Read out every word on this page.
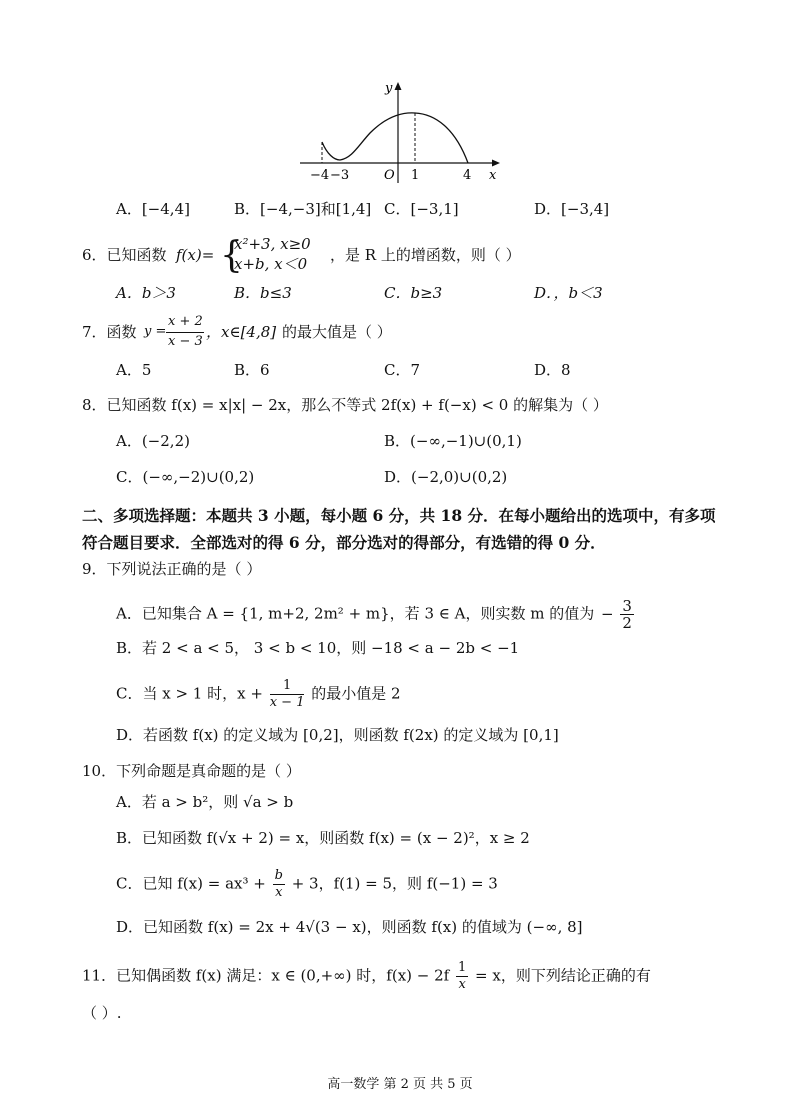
y
x
O
−4 −3	1	4
A．[−4,4]	B．[−4,−3]和[1,4] C．[−3,1]	D．[−3,4]
6．已知函数 f(x)= {
x²+3, x≥0
x+b, x＜0 ，是 R 上的增函数，则（ ）
A．b＞3	B．b≤3	C．b≥3	D．，b＜3
7．函数 y =
x + 2
x − 3
，x∈[4,8] 的最大值是（ ）
A．5	B．6	C．7	D．8
8．已知函数 f(x) = x|x| − 2x，那么不等式 2f(x) + f(−x) < 0 的解集为（ ）
A．(−2,2)	B．(−∞,−1)∪(0,1)
C．(−∞,−2)∪(0,2)	D．(−2,0)∪(0,2)
二、多项选择题：本题共 3 小题，每小题 6 分，共 18 分．在每小题给出的选项中，有多项
符合题目要求．全部选对的得 6 分，部分选对的得部分，有选错的得 0 分．
9．下列说法正确的是（ ）
A．已知集合 A = {1, m+2, 2m² + m}，若 3 ∈ A，则实数 m 的值为 − $\frac{3}{2}$
B．若 2 < a < 5， 3 < b < 10，则 −18 < a − 2b < −1
C．当 x > 1 时，$x + \frac{1}{x - 1}$ 的最小值是 2
D．若函数 f(x) 的定义域为 [0,2]，则函数 f(2x) 的定义域为 [0,1]
10．下列命题是真命题的是（ ）
A．若 a > b²，则 √a > b
B．已知函数 f(√x + 2) = x，则函数 f(x) = (x − 2)²，x ≥ 2
C．已知 $f(x) = ax^3 + \frac{b}{x} + 3$，f(1) = 5，则 f(−1) = 3
D．已知函数 f(x) = 2x + 4√(3 − x)，则函数 f(x) 的值域为 (−∞, 8]
11．已知偶函数 f(x) 满足：x ∈ (0,+∞) 时，$f(x) - 2f \frac{1}{x} = x$，则下列结论正确的有
（ ）.
高一数学 第 2 页 共 5 页
